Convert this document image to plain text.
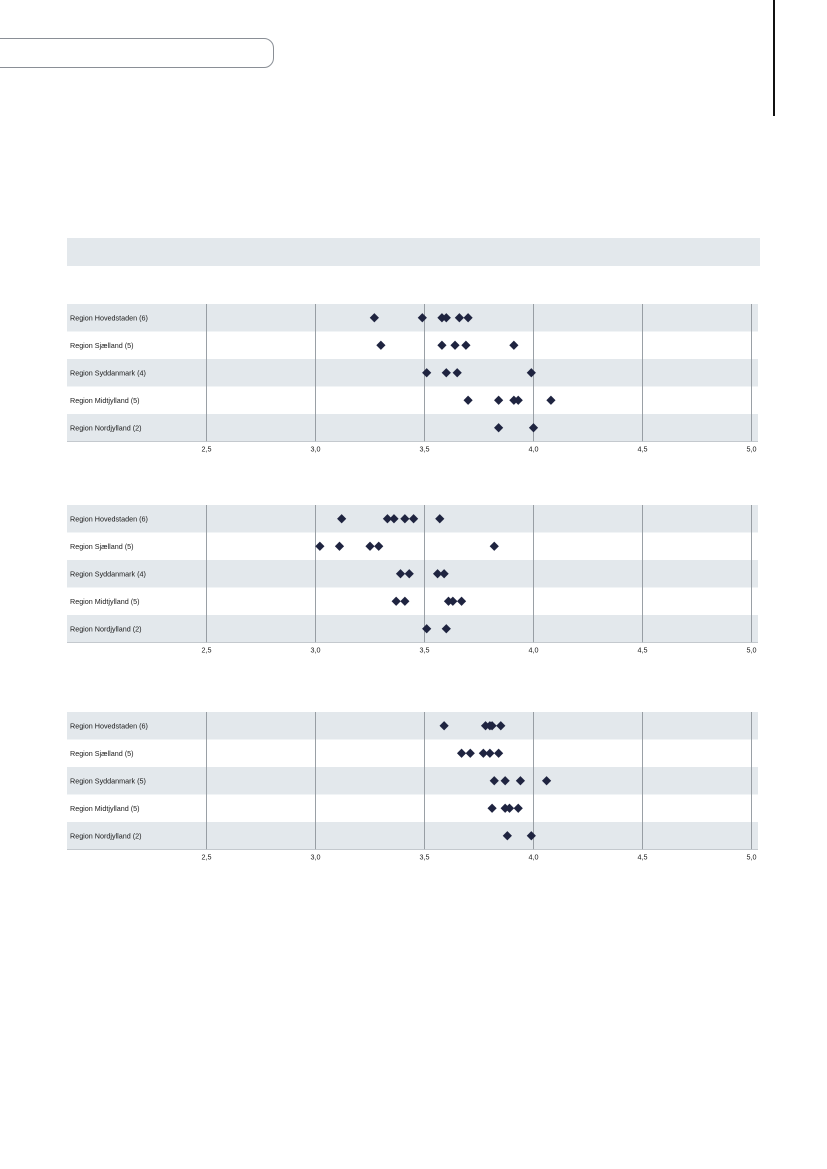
2,5	3,0	3,5	4,0	4,5	5,0
Region Hovedstaden (6)
Region Sjælland (5)
Region Syddanmark (4)
Region Midtjylland (5)
Region Nordjylland (2)
2,5	3,0	3,5	4,0	4,5	5,0
Region Hovedstaden (6)
Region Sjælland (5)
Region Syddanmark (4)
Region Midtjylland (5)
Region Nordjylland (2)
2,5	3,0	3,5	4,0	4,5	5,0
Region Hovedstaden (6)
Region Sjælland (5)
Region Syddanmark (5)
Region Midtjylland (5)
Region Nordjylland (2)
